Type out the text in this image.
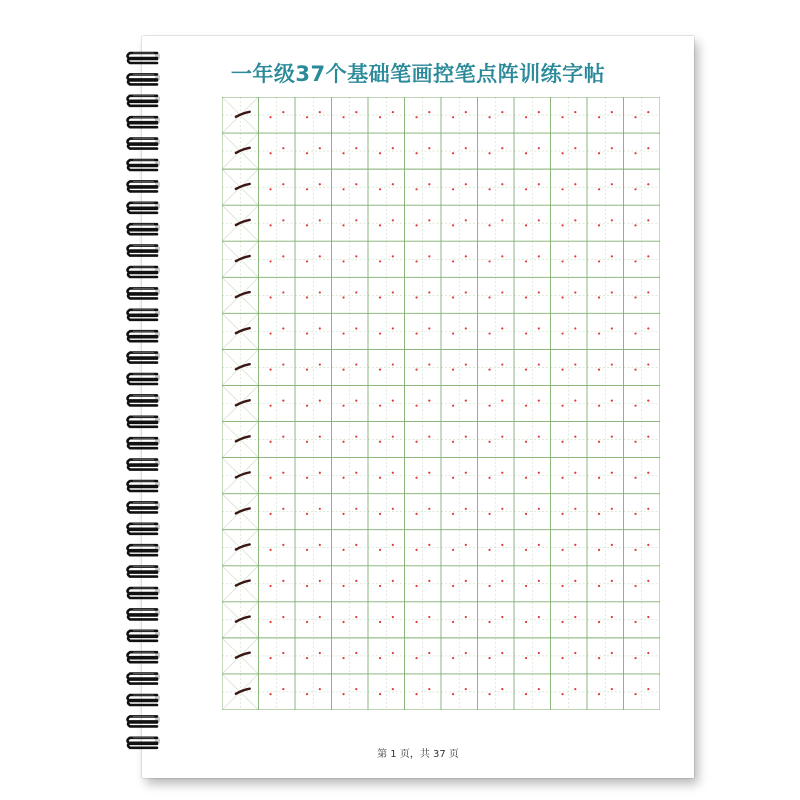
一年级37个基础笔画控笔点阵训练字帖
第 1 页，共 37 页
